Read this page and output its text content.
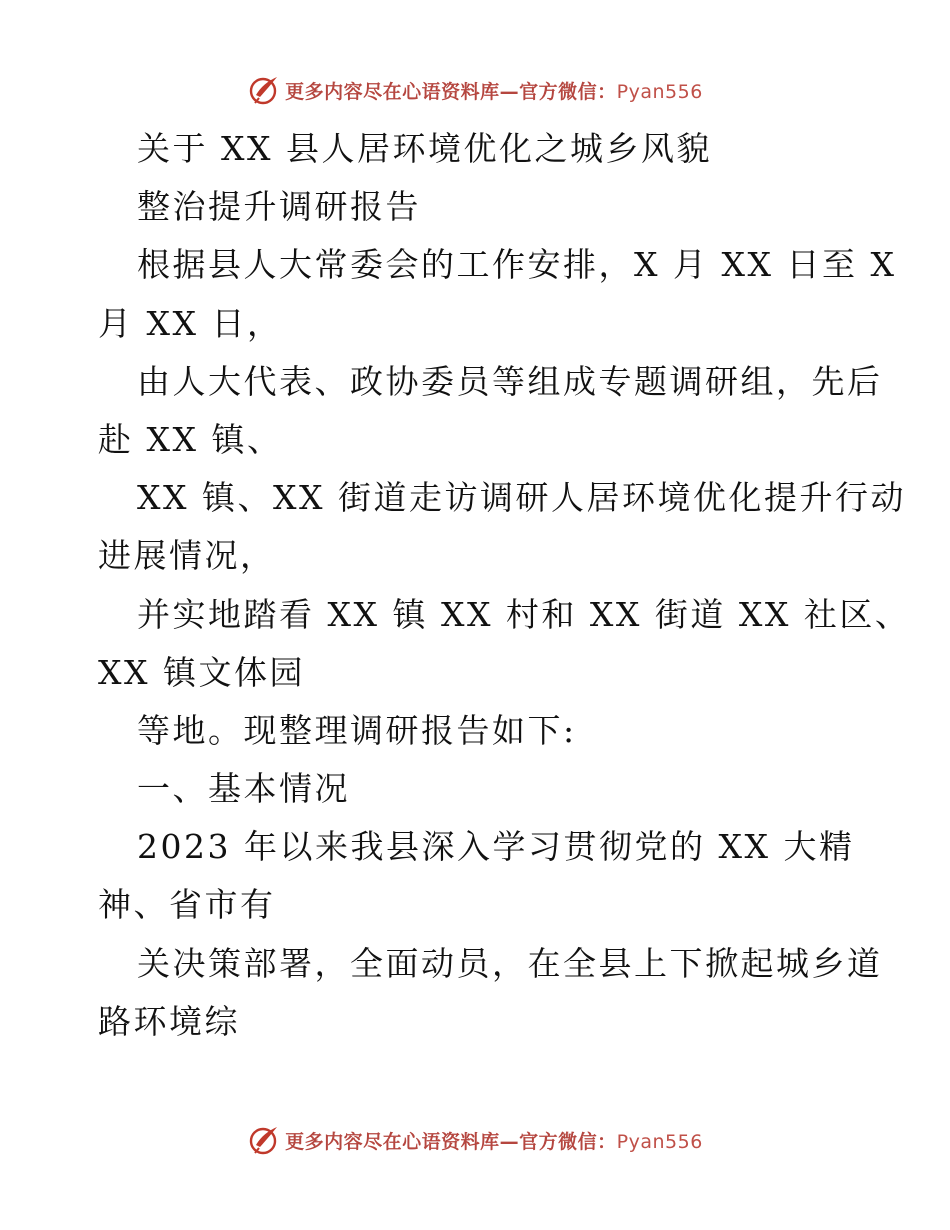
更多内容尽在心语资料库—官方微信：Pyan556
关于 XX 县人居环境优化之城乡风貌
整治提升调研报告
根据县人大常委会的工作安排，X 月 XX 日至 X
月 XX 日，
由人大代表、政协委员等组成专题调研组，先后
赴 XX 镇、
XX 镇、XX 街道走访调研人居环境优化提升行动
进展情况，
并实地踏看 XX 镇 XX 村和 XX 街道 XX 社区、
XX 镇文体园
等地。现整理调研报告如下:
一、基本情况
2023 年以来我县深入学习贯彻党的 XX 大精
神、省市有
关决策部署，全面动员，在全县上下掀起城乡道
路环境综
更多内容尽在心语资料库—官方微信：Pyan556
